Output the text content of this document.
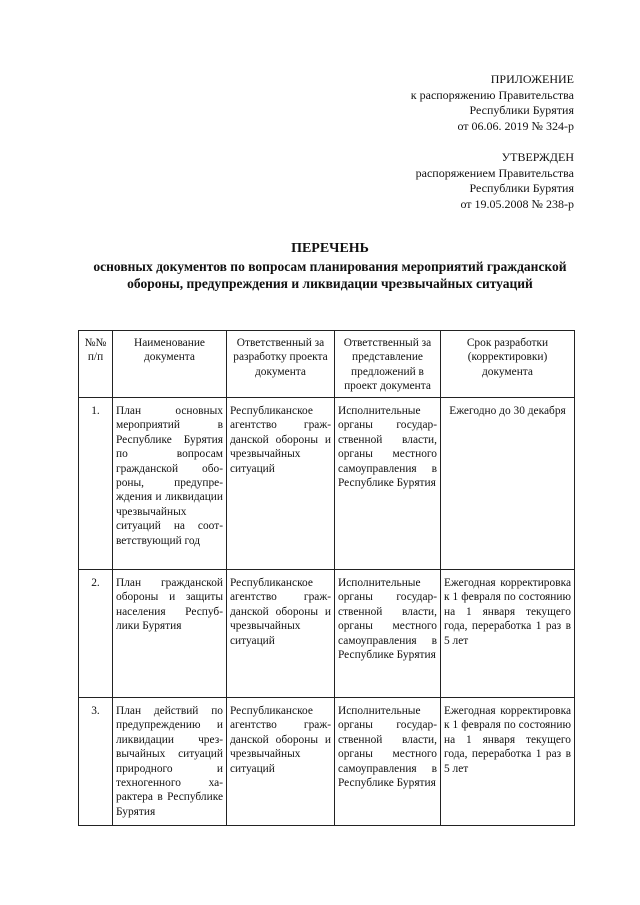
ПРИЛОЖЕНИЕ
к распоряжению Правительства
Республики Бурятия
от 06.06. 2019 № 324-р
УТВЕРЖДЕН
распоряжением Правительства
Республики Бурятия
от 19.05.2008 № 238-р
ПЕРЕЧЕНЬ
основных документов по вопросам планирования мероприятий гражданской обороны, предупреждения и ликвидации чрезвычайных ситуаций
№№ п/п	Наименование документа	Ответственный за разработку проекта документа	Ответственный за представление предложений в проект документа	Срок разработки (корректировки) документа
1.	План основных мероприятий в Республике Бурятия по вопросам гражданской обороны, предупреждения и ликвидации чрезвычайных ситуаций на соответствующий год	Республиканское агентство гражданской обороны и чрезвычайных ситуаций	Исполнительные органы государственной власти, органы местного самоуправления в Республике Бурятия	Ежегодно до 30 декабря
2.	План гражданской обороны и защиты населения Республики Бурятия	Республиканское агентство гражданской обороны и чрезвычайных ситуаций	Исполнительные органы государственной власти, органы местного самоуправления в Республике Бурятия	Ежегодная корректировка к 1 февраля по состоянию на 1 января текущего года, переработка 1 раз в 5 лет
3.	План действий по предупреждению и ликвидации чрезвычайных ситуаций природного и техногенного характера в Республике Бурятия	Республиканское агентство гражданской обороны и чрезвычайных ситуаций	Исполнительные органы государственной власти, органы местного самоуправления в Республике Бурятия	Ежегодная корректировка к 1 февраля по состоянию на 1 января текущего года, переработка 1 раз в 5 лет
